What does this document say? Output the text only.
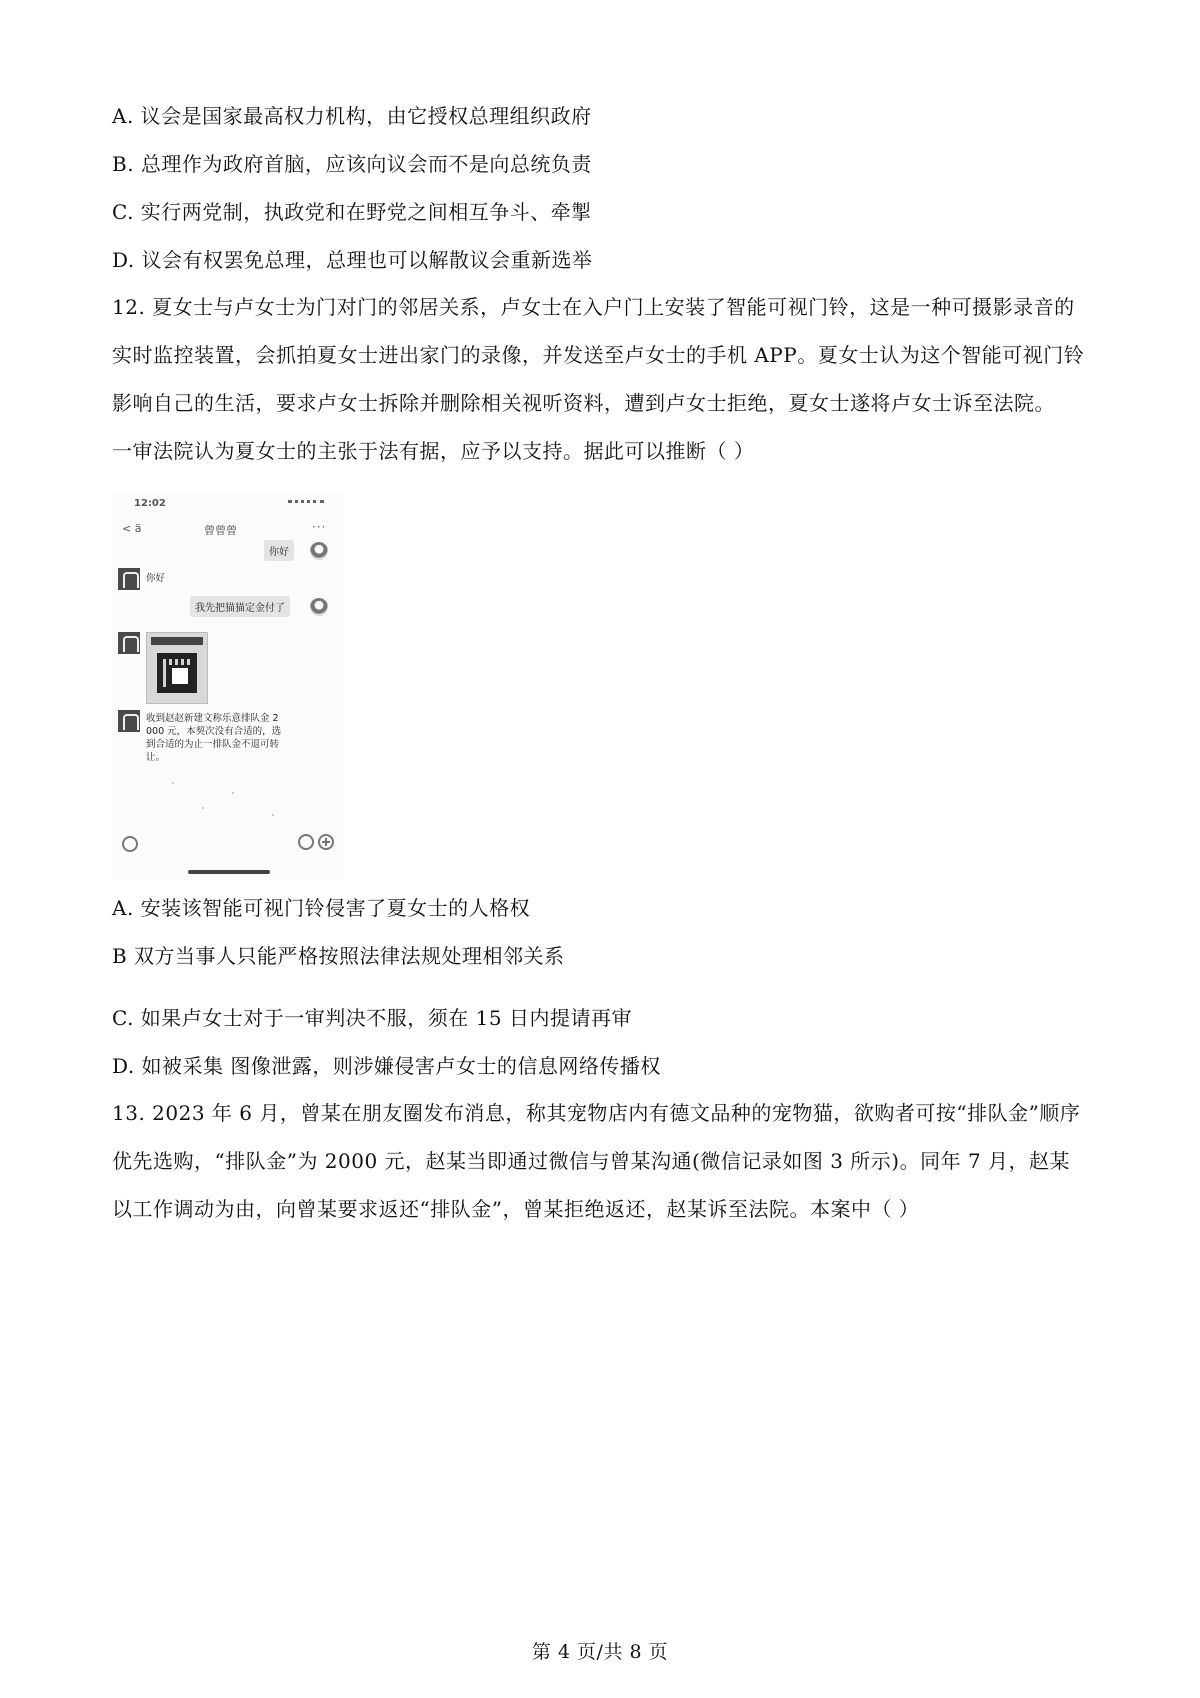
A. 议会是国家最高权力机构，由它授权总理组织政府
B. 总理作为政府首脑，应该向议会而不是向总统负责
C. 实行两党制，执政党和在野党之间相互争斗、牵掣
D. 议会有权罢免总理，总理也可以解散议会重新选举
12. 夏女士与卢女士为门对门的邻居关系，卢女士在入户门上安装了智能可视门铃，这是一种可摄影录音的
实时监控装置，会抓拍夏女士进出家门的录像，并发送至卢女士的手机 APP。夏女士认为这个智能可视门铃
影响自己的生活，要求卢女士拆除并删除相关视听资料，遭到卢女士拒绝，夏女士遂将卢女士诉至法院。
一审法院认为夏女士的主张于法有据，应予以支持。据此可以推断（ ）
12:02
< ä	曾曾曾	···
你好
你好
我先把猫猫定金付了
收到赵赵新建文称乐意排队金 2
000 元，本契次没有合适的，选
到合适的为止一排队金不退可转
让。
A. 安装该智能可视门铃侵害了夏女士的人格权
B 双方当事人只能严格按照法律法规处理相邻关系
C. 如果卢女士对于一审判决不服，须在 15 日内提请再审
D. 如被采集 图像泄露，则涉嫌侵害卢女士的信息网络传播权
13. 2023 年 6 月，曾某在朋友圈发布消息，称其宠物店内有德文品种的宠物猫，欲购者可按“排队金”顺序
优先选购，“排队金”为 2000 元，赵某当即通过微信与曾某沟通(微信记录如图 3 所示)。同年 7 月，赵某
以工作调动为由，向曾某要求返还“排队金”，曾某拒绝返还，赵某诉至法院。本案中（ ）
第 4 页/共 8 页
